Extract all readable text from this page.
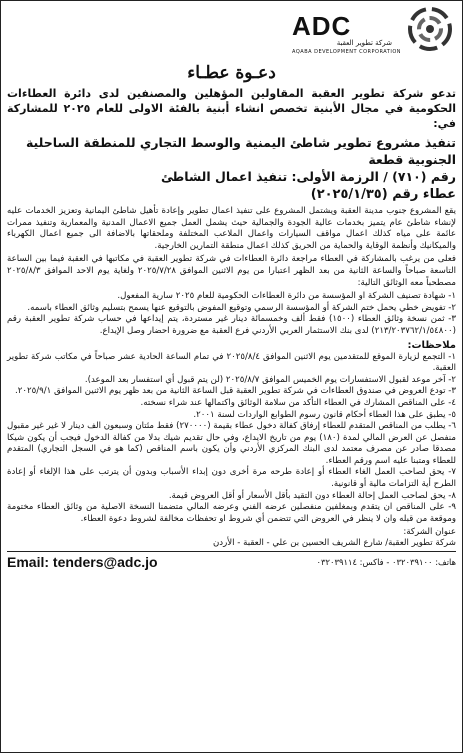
ADC
شركة تطوير العقبة
AQABA DEVELOPMENT CORPORATION
دعـوة عطـاء
تدعو شركة تطوير العقبة المقاولين المؤهلين والمصنفين لدى دائرة العطاءات الحكومية في مجال الأبنية تخصص انشاء أبنية بالفئة الاولى للعام ٢٠٢٥ للمشاركة في:
تنفيذ مشروع تطوير شاطئ اليمنية والوسط التجاري للمنطقة الساحلية الجنوبية قطعة
رقم (٧١٠) / الرزمة الأولى: تنفيذ اعمال الشاطئ
عطاء رقم (٢٠٢٥/١/٣٥)

يقع المشروع جنوب مدينة العقبة ويشتمل المشروع على تنفيذ اعمال تطوير وإعادة تأهيل شاطئ اليمانية وتعزيز الخدمات عليه لإنشاء شاطئ عام يتميز بخدمات عالية الجودة والجمالية حيث يشمل العمل جميع الاعمال المدنية والمعمارية وتنفيذ ممرات عائمة على مياه كذلك اعمال مواقف السيارات واعمال الملاعب المختلفة وملحقاتها بالاضافة الى جميع اعمال الكهرباء والميكانيك وأنظمة الوقاية والحماية من الحريق كذلك اعمال منطقة التمارين الخارجية.

فعلى من يرغب بالمشاركة في العطاء مراجعة دائرة العطاءات في شركة تطوير العقبة في مكاتبها في العقبة فيما بين الساعة التاسعة صباحاً والساعة الثانية من بعد الظهر اعتبارا من يوم الاثنين الموافق ٢٠٢٥/٧/٢٨ ولغاية يوم الاحد الموافق ٢٠٢٥/٨/٣ مصطحباً معه الوثائق التالية:

١- شهادة تصنيف الشركة او المؤسسة من دائرة العطاءات الحكومية للعام ٢٠٢٥ سارية المفعول.

٢- تفويض خطي يحمل ختم الشركة أو المؤسسة الرسمي وتوقيع المفوض بالتوقيع عنها يسمح بتسليم وثائق العطاء باسمه.

٣- ثمن نسخة وثائق العطاء (١٥٠٠) فقط ألف وخمسمائة دينار غير مستردة، يتم إيداعها في حساب شركة تطوير العقبة رقم (٢١٣/٢٠٣٧٦٢/١/٥٤٨٠٠) لدى بنك الاستثمار العربي الأردني فرع العقبة مع ضرورة احضار وصل الإيداع.

ملاحظات:

١- التجمع لزيارة الموقع للمتقدمين يوم الاثنين الموافق ٢٠٢٥/٨/٤ في تمام الساعة الحادية عشر صباحاً في مكاتب شركة تطوير العقبة.

٢- آخر موعد لقبول الاستفسارات يوم الخميس الموافق ٢٠٢٥/٨/٧ (لن يتم قبول أي استفسار بعد الموعد).

٣- تودع العروض في صندوق العطاءات في شركة تطوير العقبة قبل الساعة الثانية من بعد ظهر يوم الاثنين الموافق ٢٠٢٥/٩/١.

٤- على المناقص المشارك في العطاء التأكد من سلامة الوثائق واكتمالها عند شراء نسخته.

٥- يطبق على هذا العطاء أحكام قانون رسوم الطوابع الواردات لسنة ٢٠٠١.

٦- يطلب من المناقص المتقدم للعطاء إرفاق كفالة دخول عطاء بقيمة (٢٧٠٠٠٠) فقط مئتان وسبعون الف دينار لا غير غير مقبول منفصل عن العرض المالي لمدة (١٨٠) يوم من تاريخ الايداع، وفي حال تقديم شيك بدلا من كفالة الدخول فيجب أن يكون شيكا مصدقا صادر عن مصرف معتمد لدى البنك المركزي الأردني وأن يكون باسم المناقص (كما هو في السجل التجاري) المتقدم للعطاء ومتبنا عليه اسم ورقم العطاء.

٧- يحق لصاحب العمل الغاء العطاء أو إعادة طرحه مرة أخرى دون إبداء الأسباب وبدون أن يترتب على هذا الإلغاء أو إعادة الطرح أية التزامات مالية أو قانونية.

٨- يحق لصاحب العمل إحالة العطاء دون التقيد بأقل الأسعار أو أقل العروض قيمة.

٩- على المناقص ان يتقدم وبمغلفين منفصلين عرضه الفني وعرضه المالي متضمنا النسخة الاصلية من وثائق العطاء مختومة وموقعة من قبله وان لا ينظر في العروض التي تتضمن أي شروط او تحفظات مخالفة لشروط دعوة العطاء.

عنوان الشركة:
شركة تطوير العقبة/ شارع الشريف الحسين بن علي - العقبة - الأردن
هاتف: ٠٣٢٠٣٩١٠٠ - فاكس: ٠٣٢٠٣٩١١٤
Email: tenders@adc.jo
